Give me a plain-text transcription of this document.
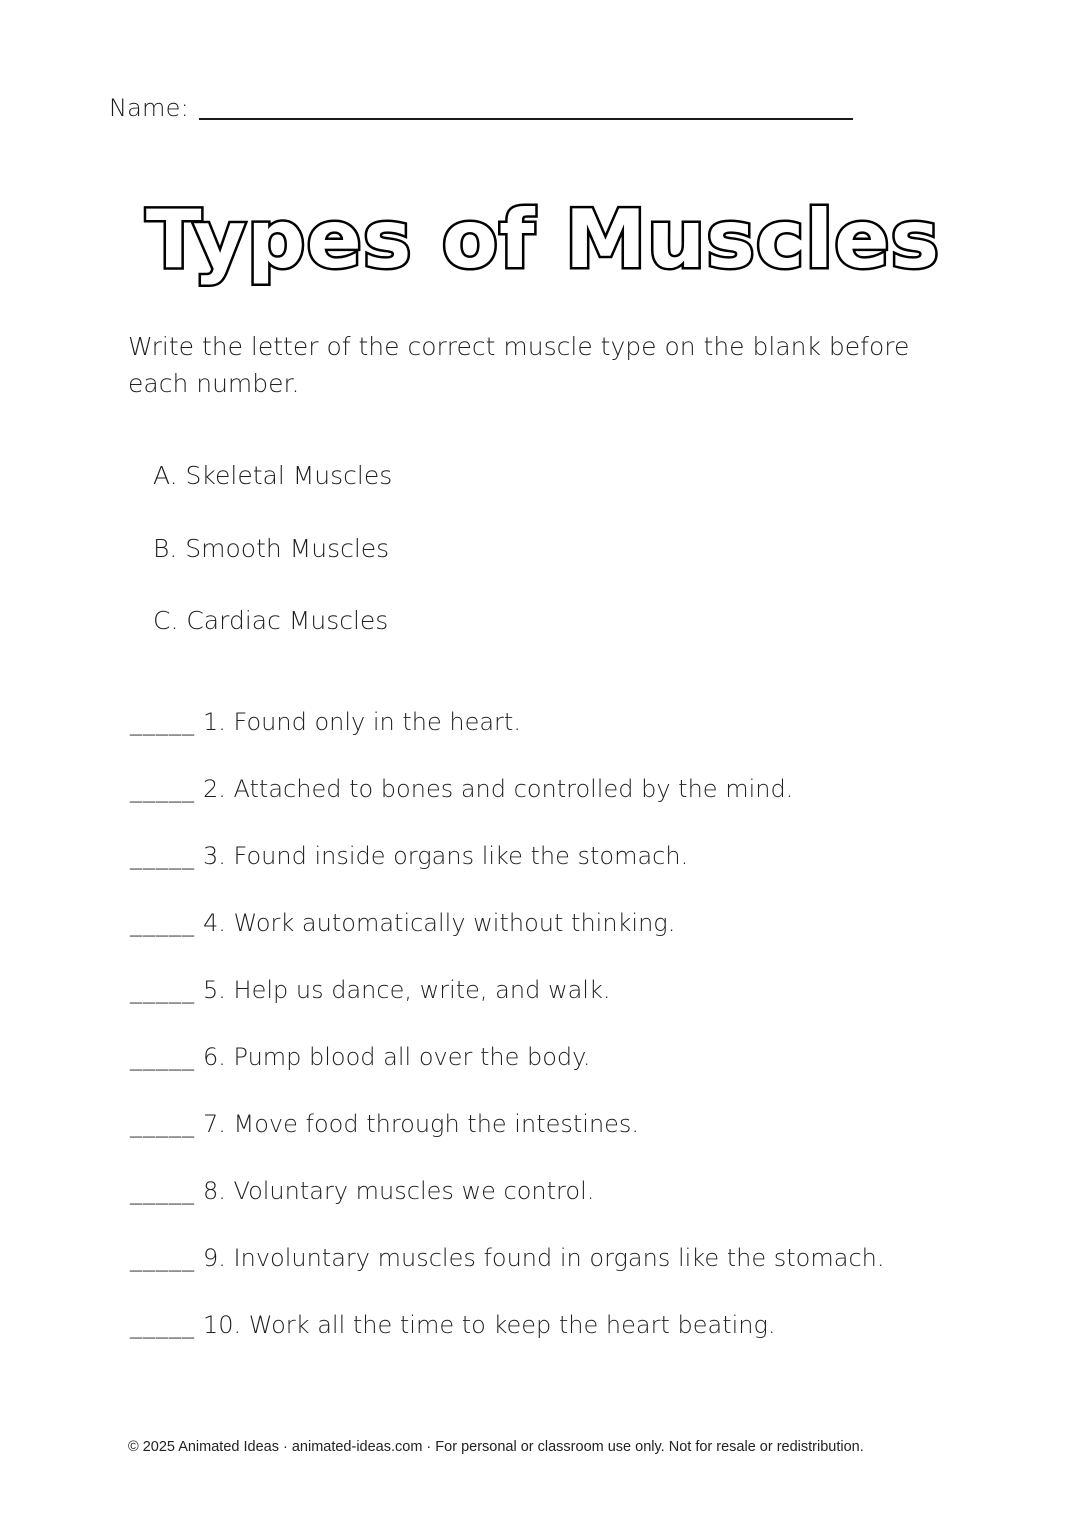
Name:
Types of Muscles
Write the letter of the correct muscle type on the blank before each number.
A. Skeletal Muscles
B. Smooth Muscles
C. Cardiac Muscles
_____ 1. Found only in the heart.
_____ 2. Attached to bones and controlled by the mind.
_____ 3. Found inside organs like the stomach.
_____ 4. Work automatically without thinking.
_____ 5. Help us dance, write, and walk.
_____ 6. Pump blood all over the body.
_____ 7. Move food through the intestines.
_____ 8. Voluntary muscles we control.
_____ 9. Involuntary muscles found in organs like the stomach.
_____ 10. Work all the time to keep the heart beating.
© 2025 Animated Ideas · animated-ideas.com · For personal or classroom use only. Not for resale or redistribution.
